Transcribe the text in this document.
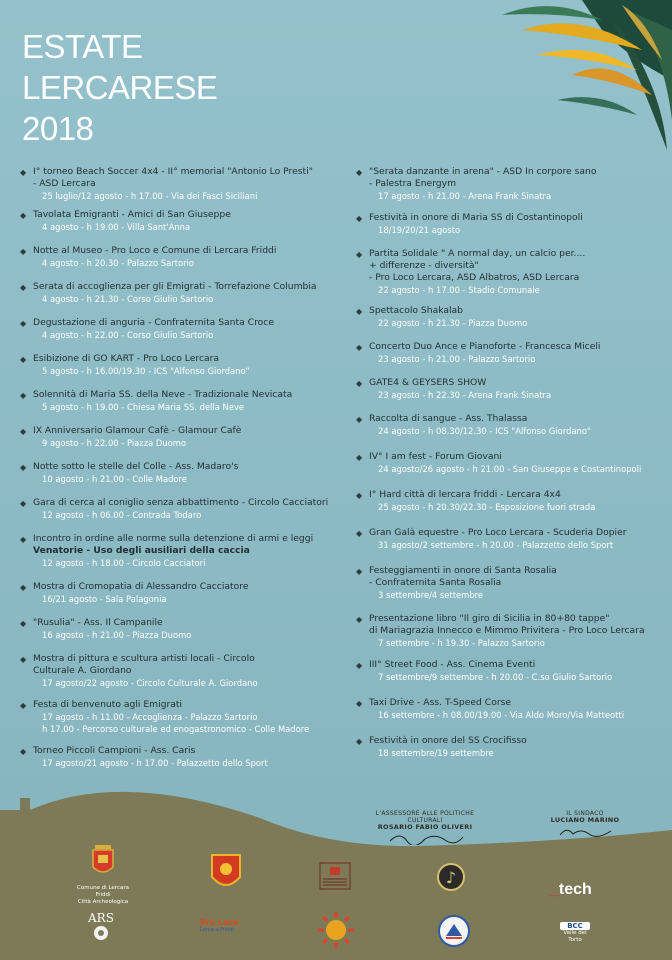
ESTATE
LERCARESE
2018
◆ I° torneo Beach Soccer 4x4 - II° memorial "Antonio Lo Presti"
- ASD Lercara
25 luglio/12 agosto - h 17.00 - Via dei Fasci Siciliani
◆ Tavolata Emigranti - Amici di San Giuseppe
4 agosto - h 19.00 - Villa Sant'Anna
◆ Notte al Museo - Pro Loco e Comune di Lercara Friddi
4 agosto - h 20.30 - Palazzo Sartorio
◆ Serata di accoglienza per gli Emigrati - Torrefazione Columbia
4 agosto - h 21.30 - Corso Giulio Sartorio
◆ Degustazione di anguria - Confraternita Santa Croce
4 agosto - h 22.00 - Corso Giulio Sartorio
◆ Esibizione di GO KART - Pro Loco Lercara
5 agosto - h 16.00/19.30 - ICS "Alfonso Giordano"
◆ Solennità di Maria SS. della Neve - Tradizionale Nevicata
5 agosto - h 19.00 - Chiesa Maria SS. della Neve
◆ IX Anniversario Glamour Cafè - Glamour Cafè
9 agosto - h 22.00 - Piazza Duomo
◆ Notte sotto le stelle del Colle - Ass. Madaro's
10 agosto - h 21.00 - Colle Madore
◆ Gara di cerca al coniglio senza abbattimento - Circolo Cacciatori
12 agosto - h 06.00 - Contrada Todaro
◆ Incontro in ordine alle norme sulla detenzione di armi e leggi
Venatorie - Uso degli ausiliari della caccia
12 agosto - h 18.00 - Circolo Cacciatori
◆ Mostra di Cromopatia di Alessandro Cacciatore
16/21 agosto - Sala Palagonia
◆ "Rusulia" - Ass. Il Campanile
16 agosto - h 21.00 - Piazza Duomo
◆ Mostra di pittura e scultura artisti locali - Circolo
Culturale A. Giordano
17 agosto/22 agosto - Circolo Culturale A. Giordano
◆ Festa di benvenuto agli Emigrati
17 agosto - h 11.00 - Accoglienza - Palazzo Sartorio
h 17.00 - Percorso culturale ed enogastronomico - Colle Madore
◆ Torneo Piccoli Campioni - Ass. Caris
17 agosto/21 agosto - h 17.00 - Palazzetto dello Sport
◆ "Serata danzante in arena" - ASD In corpore sano
- Palestra Energym
17 agosto - h 21.00 - Arena Frank Sinatra
◆ Festività in onore di Maria SS di Costantinopoli
18/19/20/21 agosto
◆ Partita Solidale " A normal day, un calcio per....
+ differenze - diversità"
- Pro Loco Lercara, ASD Albatros, ASD Lercara
22 agosto - h 17.00 - Stadio Comunale
◆ Spettacolo Shakalab
22 agosto - h 21.30 - Piazza Duomo
◆ Concerto Duo Ance e Pianoforte - Francesca Miceli
23 agosto - h 21.00 - Palazzo Sartorio
◆ GATE4 & GEYSERS SHOW
23 agosto - h 22.30 - Arena Frank Sinatra
◆ Raccolta di sangue - Ass. Thalassa
24 agosto - h 08.30/12.30 - ICS "Alfonso Giordano"
◆ IV° I am fest - Forum Giovani
24 agosto/26 agosto - h 21.00 - San Giuseppe e Costantinopoli
◆ I° Hard città di lercara friddi - Lercara 4x4
25 agosto - h 20.30/22.30 - Esposizione fuori strada
◆ Gran Galà equestre - Pro Loco Lercara - Scuderia Dopier
31 agosto/2 settembre - h 20.00 - Palazzetto dello Sport
◆ Festeggiamenti in onore di Santa Rosalia
- Confraternita Santa Rosalia
3 settembre/4 settembre
◆ Presentazione libro "Il giro di Sicilia in 80+80 tappe"
di Mariagrazia Innecco e Mimmo Privitera - Pro Loco Lercara
7 settembre - h 19.30 - Palazzo Sartorio
◆ III° Street Food - Ass. Cinema Eventi
7 settembre/9 settembre - h 20.00 - C.so Giulio Sartorio
◆ Taxi Drive - Ass. T-Speed Corse
16 settembre - h 08.00/19.00 - Via Aldo Moro/Via Matteotti
◆ Festività in onore del SS Crocifisso
18 settembre/19 settembre
L'ASSESSORE ALLE POLITICHE CULTURALI
ROSARIO FABIO OLIVERI
IL SINDACO
LUCIANO MARINO
Comune di Lercara Friddi
Città Archeologica
♪
_tech
ARS	Pro Loco
Lercara Friddi	BCC
Valle del Torto
